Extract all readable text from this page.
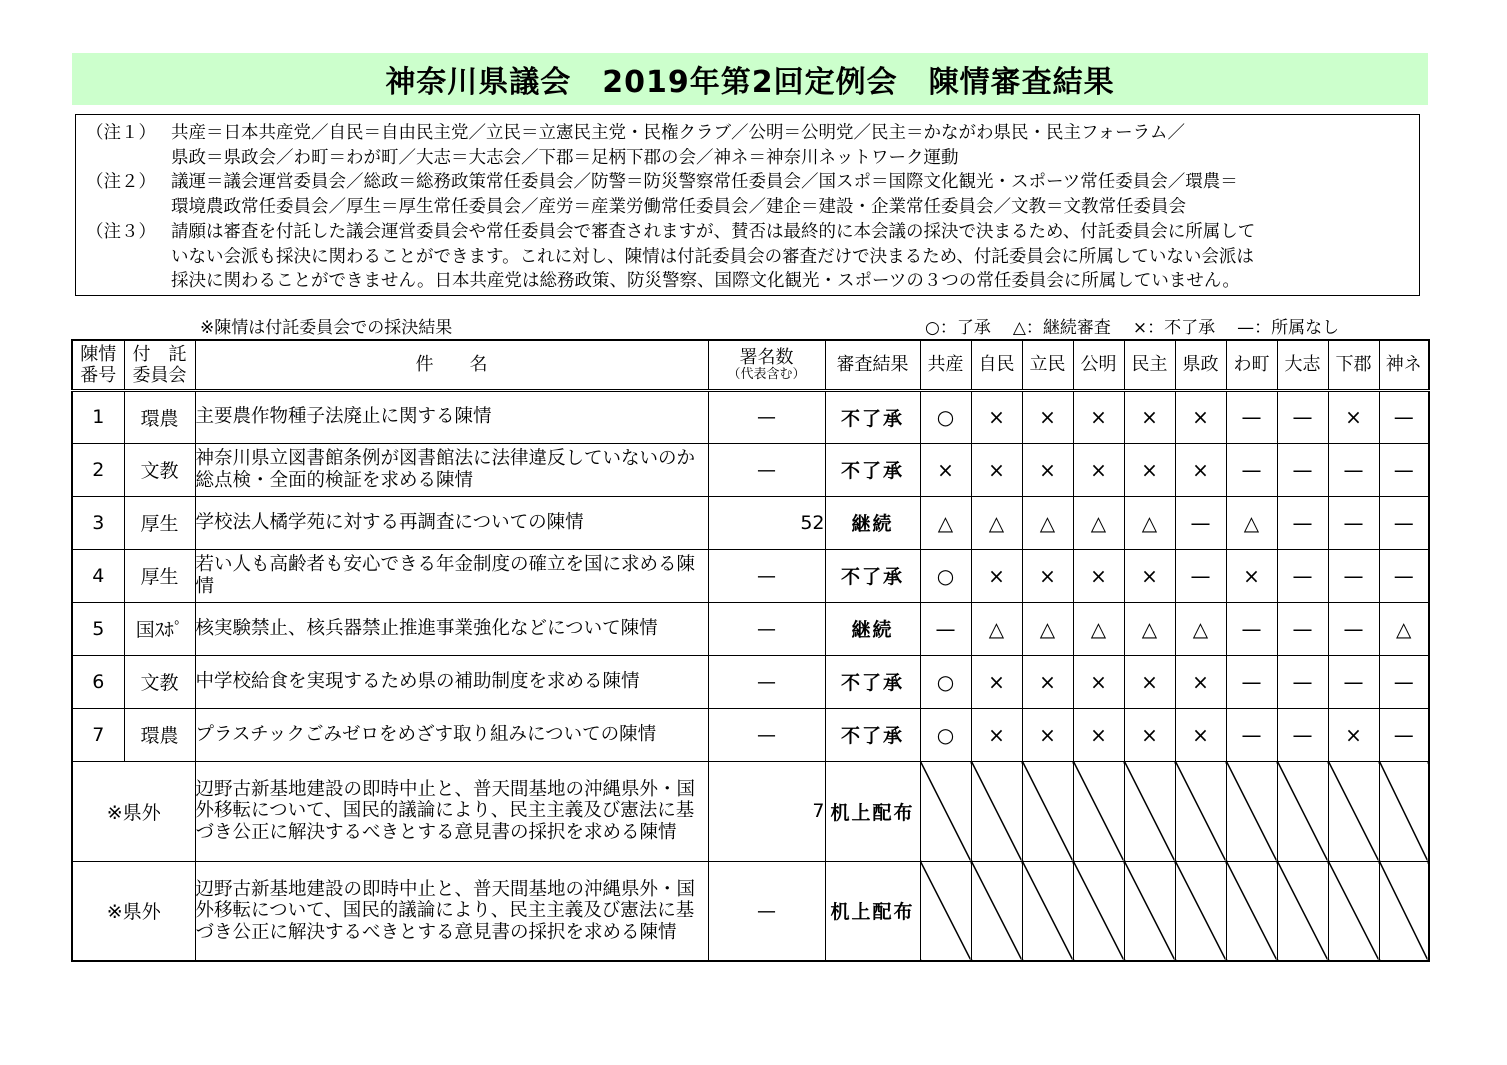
神奈川県議会　2019年第2回定例会　陳情審査結果
（注１） 共産＝日本共産党／自民＝自由民主党／立民＝立憲民主党・民権クラブ／公明＝公明党／民主＝かながわ県民・民主フォーラム／
県政＝県政会／わ町＝わが町／大志＝大志会／下郡＝足柄下郡の会／神ネ＝神奈川ネットワーク運動
（注２） 議運＝議会運営委員会／総政＝総務政策常任委員会／防警＝防災警察常任委員会／国スポ＝国際文化観光・スポーツ常任委員会／環農＝
環境農政常任委員会／厚生＝厚生常任委員会／産労＝産業労働常任委員会／建企＝建設・企業常任委員会／文教＝文教常任委員会
（注３） 請願は審査を付託した議会運営委員会や常任委員会で審査されますが、賛否は最終的に本会議の採決で決まるため、付託委員会に所属して
いない会派も採決に関わることができます。これに対し、陳情は付託委員会の審査だけで決まるため、付託委員会に所属していない会派は
採決に関わることができません。日本共産党は総務政策、防災警察、国際文化観光・スポーツの３つの常任委員会に所属していません。
※陳情は付託委員会での採決結果	○：了承 △：継続審査 ×：不了承 —：所属なし
陳情
番号	付　託
委員会	件　　名	署名数
（代表含む）	審査結果	共産	自民	立民	公明	民主	県政	わ町	大志	下郡	神ネ
1	環農	主要農作物種子法廃止に関する陳情	—	不了承	○	×	×	×	×	×	—	—	×	—
2	文教	神奈川県立図書館条例が図書館法に法律違反していないのか総点検・全面的検証を求める陳情	—	不了承	×	×	×	×	×	×	—	—	—	—
3	厚生	学校法人橘学苑に対する再調査についての陳情	52	継続	△	△	△	△	△	—	△	—	—	—
4	厚生	若い人も高齢者も安心できる年金制度の確立を国に求める陳情	—	不了承	○	×	×	×	×	—	×	—	—	—
5	国ｽﾎﾟ	核実験禁止、核兵器禁止推進事業強化などについて陳情	—	継続	—	△	△	△	△	△	—	—	—	△
6	文教	中学校給食を実現するため県の補助制度を求める陳情	—	不了承	○	×	×	×	×	×	—	—	—	—
7	環農	プラスチックごみゼロをめざす取り組みについての陳情	—	不了承	○	×	×	×	×	×	—	—	×	—
※県外		辺野古新基地建設の即時中止と、普天間基地の沖縄県外・国外移転について、国民的議論により、民主主義及び憲法に基づき公正に解決するべきとする意見書の採択を求める陳情	7	机上配布										
※県外		辺野古新基地建設の即時中止と、普天間基地の沖縄県外・国外移転について、国民的議論により、民主主義及び憲法に基づき公正に解決するべきとする意見書の採択を求める陳情	—	机上配布										
